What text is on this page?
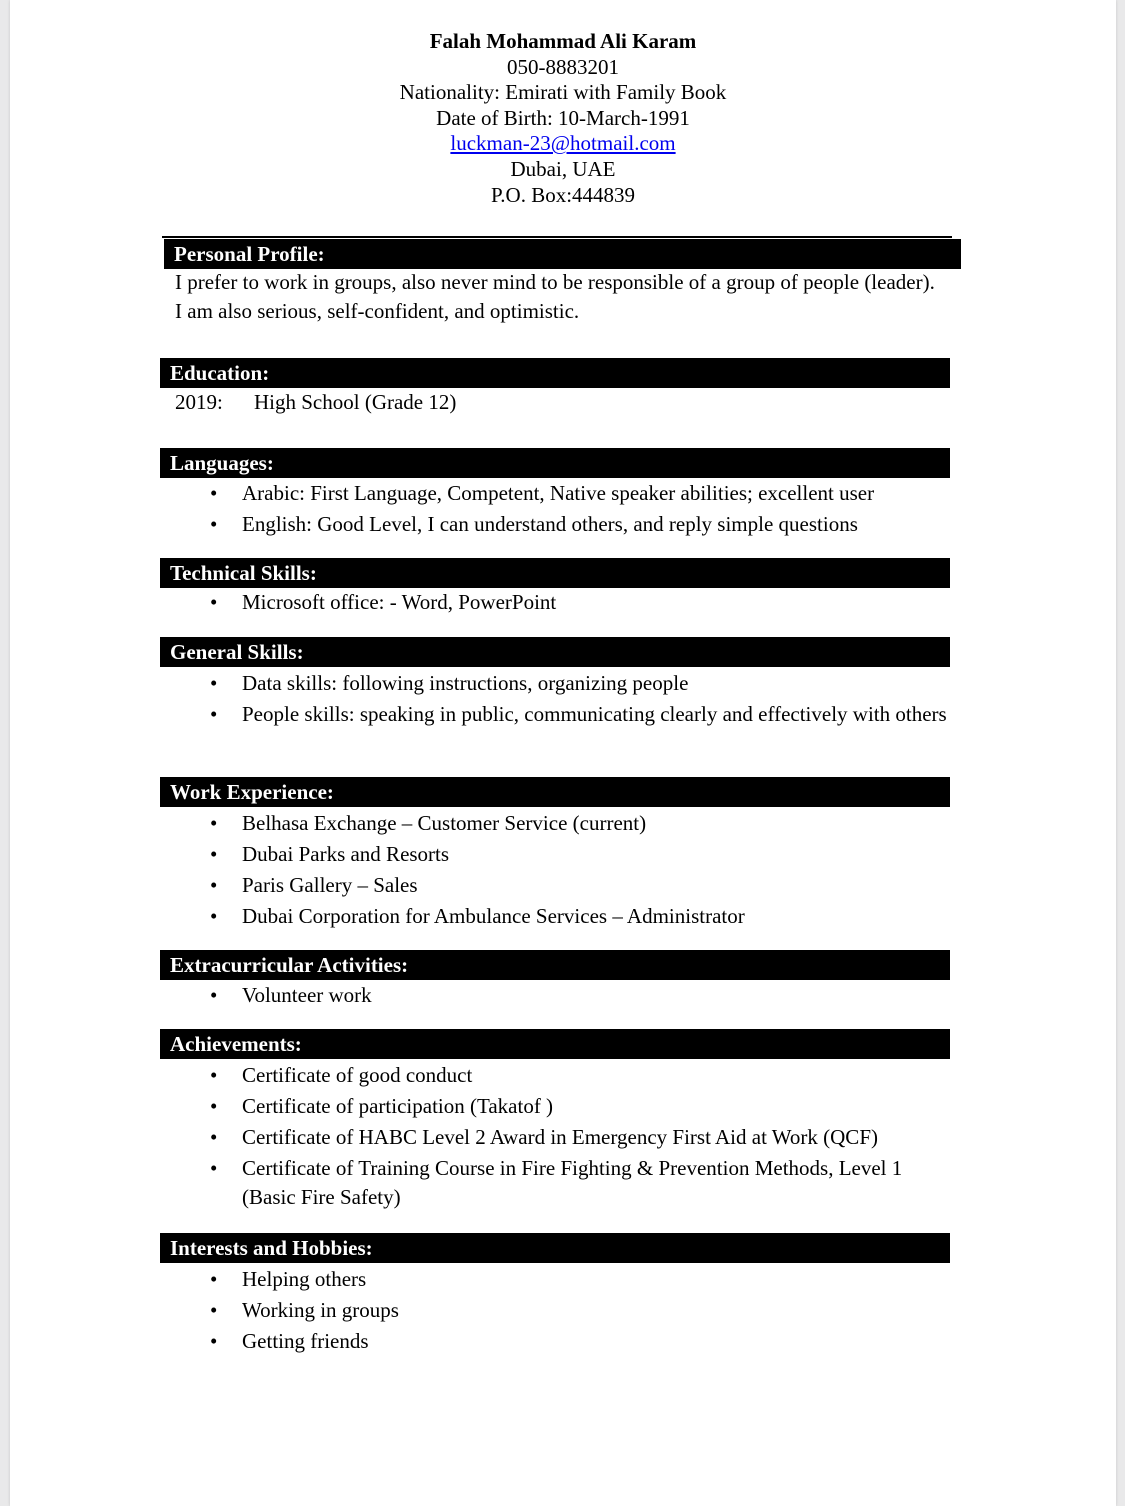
Falah Mohammad Ali Karam
050-8883201
Nationality: Emirati with Family Book
Date of Birth: 10-March-1991
luckman-23@hotmail.com
Dubai, UAE
P.O. Box:444839
Personal Profile:
I prefer to work in groups, also never mind to be responsible of a group of people (leader). I am also serious, self-confident, and optimistic.
Education:
2019: High School (Grade 12)
Languages:
• Arabic: First Language, Competent, Native speaker abilities; excellent user
• English: Good Level, I can understand others, and reply simple questions
Technical Skills:
• Microsoft office: - Word, PowerPoint
General Skills:
• Data skills: following instructions, organizing people
• People skills: speaking in public, communicating clearly and effectively with others
Work Experience:
• Belhasa Exchange – Customer Service (current)
• Dubai Parks and Resorts
• Paris Gallery – Sales
• Dubai Corporation for Ambulance Services – Administrator
Extracurricular Activities:
• Volunteer work
Achievements:
• Certificate of good conduct
• Certificate of participation (Takatof )
• Certificate of HABC Level 2 Award in Emergency First Aid at Work (QCF)
• Certificate of Training Course in Fire Fighting & Prevention Methods, Level 1 (Basic Fire Safety)
Interests and Hobbies:
• Helping others
• Working in groups
• Getting friends
